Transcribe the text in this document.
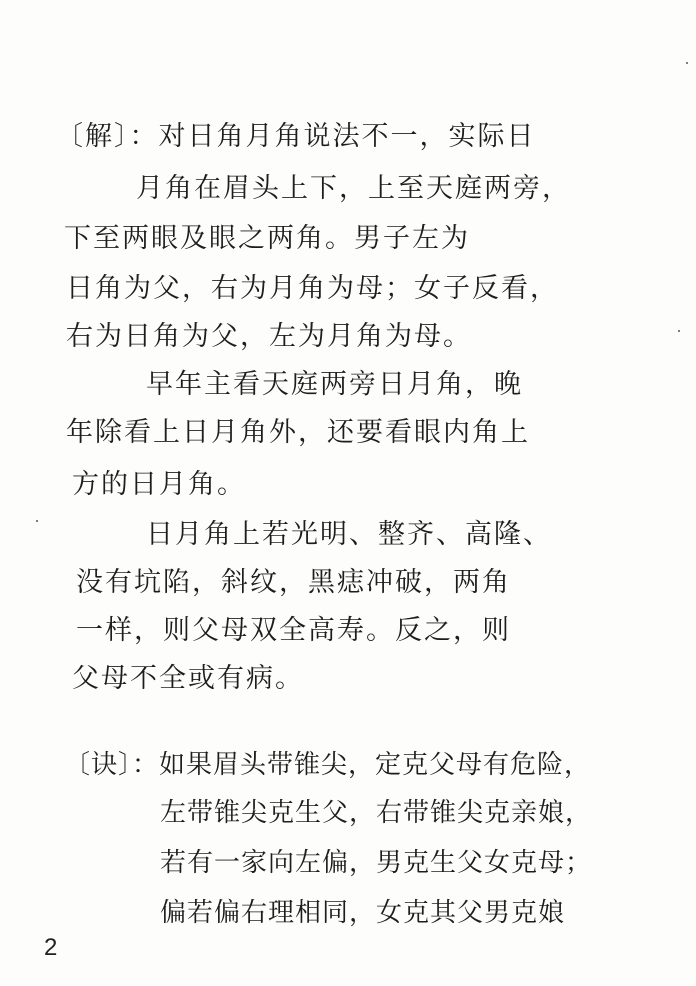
〔解〕：对日角月角说法不一，实际日
月角在眉头上下，上至天庭两旁，
下至两眼及眼之两角。男子左为
日角为父，右为月角为母；女子反看，
右为日角为父，左为月角为母。
早年主看天庭两旁日月角，晚
年除看上日月角外，还要看眼内角上
方的日月角。
日月角上若光明、整齐、高隆、
没有坑陷，斜纹，黑痣冲破，两角
一样，则父母双全高寿。反之，则
父母不全或有病。
〔诀〕：如果眉头带锥尖，定克父母有危险，
左带锥尖克生父，右带锥尖克亲娘，
若有一家向左偏，男克生父女克母；
偏若偏右理相同，女克其父男克娘
2
